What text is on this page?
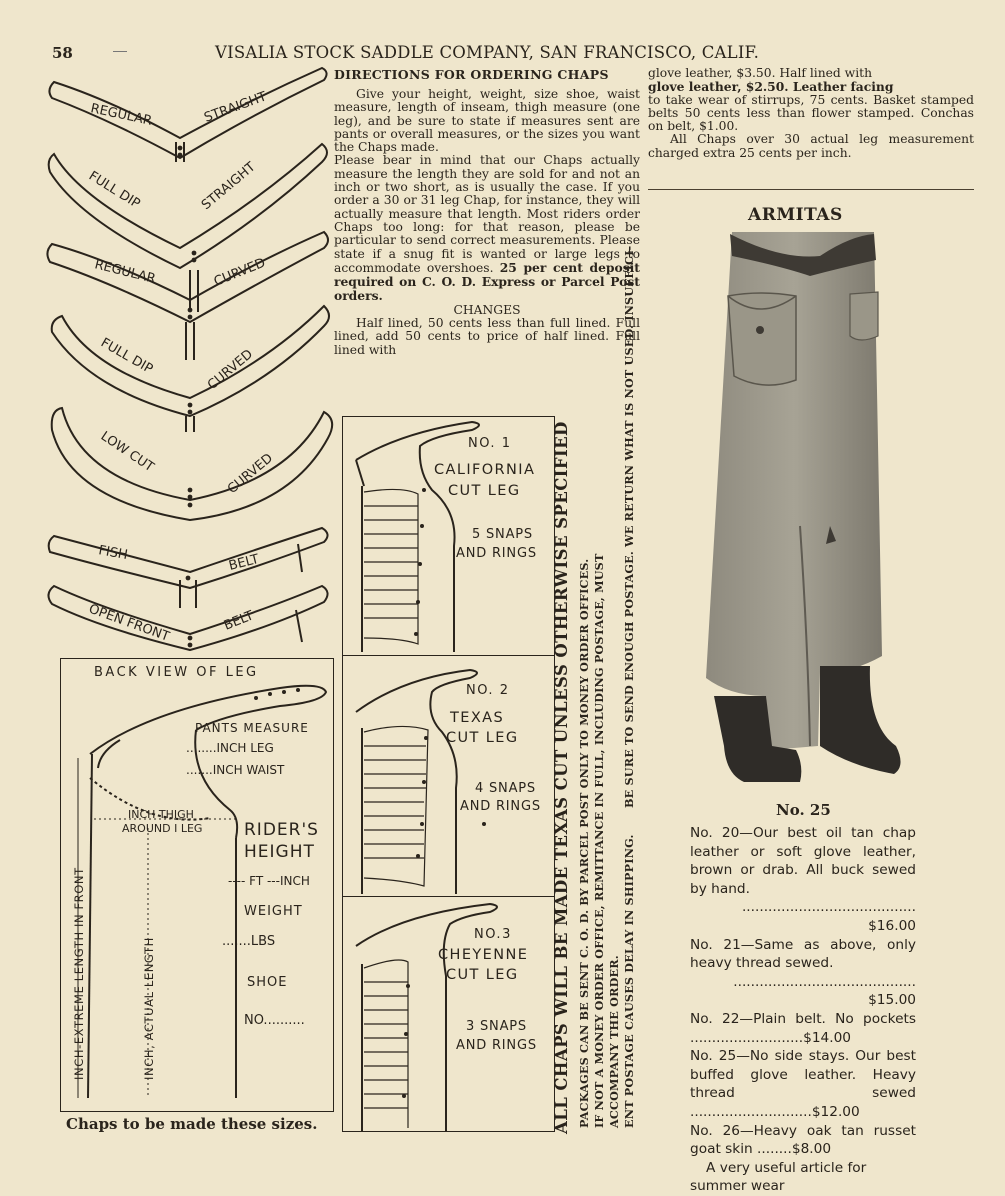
58	VISALIA STOCK SADDLE COMPANY, SAN FRANCISCO, CALIF.
REGULAR	STRAIGHT
FULL DIP	STRAIGHT
REGULAR	CURVED
FULL DIP	CURVED
LOW CUT	CURVED
FISH	BELT
OPEN FRONT	BELT
BACK VIEW OF LEG
PANTS MEASURE
........INCH LEG
.......INCH WAIST
INCH THIGH
AROUND I LEG RIDER'S
HEIGHT
---- FT ---INCH
WEIGHT
.......LBS
SHOE
NO..........
INCH-EXTREME LENGTH IN FRONT	INCH, ACTUAL LENGTH
Chaps to be made these sizes.
DIRECTIONS FOR ORDERING CHAPS

Give your height, weight, size shoe, waist measure, length of inseam, thigh measure (one leg), and be sure to state if measures sent are pants or overall measures, or the sizes you want the Chaps made.

Please bear in mind that our Chaps actually measure the length they are sold for and not an inch or two short, as is usually the case. If you order a 30 or 31 leg Chap, for instance, they will actually measure that length. Most riders order Chaps too long: for that reason, please be particular to send correct measurements. Please state if a snug fit is wanted or large legs to accommodate overshoes. 25 per cent deposit required on C. O. D. Express or Parcel Post orders.

CHANGES

Half lined, 50 cents less than full lined. Full lined, add 50 cents to price of half lined. Full lined with

glove leather, $3.50. Half lined with

glove leather, $2.50. Leather facing

to take wear of stirrups, 75 cents. Basket stamped belts 50 cents less than flower stamped. Conchas on belt, $1.00.

All Chaps over 30 actual leg measurement charged extra 25 cents per inch.

NO. 1
CALIFORNIA
CUT LEG
5 SNAPS
AND RINGS
NO. 2
TEXAS
CUT LEG
4 SNAPS
AND RINGS
NO.3
CHEYENNE
CUT LEG
3 SNAPS
AND RINGS ALL CHAPS WILL BE MADE TEXAS CUT UNLESS OTHERWISE SPECIFIED PACKAGES CAN BE SENT C. O. D. BY PARCEL POST ONLY TO MONEY ORDER OFFICES. IF NOT A MONEY ORDER OFFICE, REMITTANCE IN FULL, INCLUDING POSTAGE, MUST ACCOMPANY THE ORDER.
BE SURE TO SEND ENOUGH POSTAGE. WE RETURN WHAT IS NOT USED. INSUFFICI-
ENT POSTAGE CAUSES DELAY IN SHIPPING.
ARMITAS
No. 25

No. 20—Our best oil tan chap leather or soft glove leather, brown or drab. All buck sewed by hand.

........................................ $16.00

No. 21—Same as above, only heavy thread sewed.

.......................................... $15.00

No. 22—Plain belt. No pockets ..........................$14.00

No. 25—No side stays. Our best buffed glove leather. Heavy thread sewed ............................$12.00

No. 26—Heavy oak tan russet goat skin ........$8.00

A very useful article for summer wear
